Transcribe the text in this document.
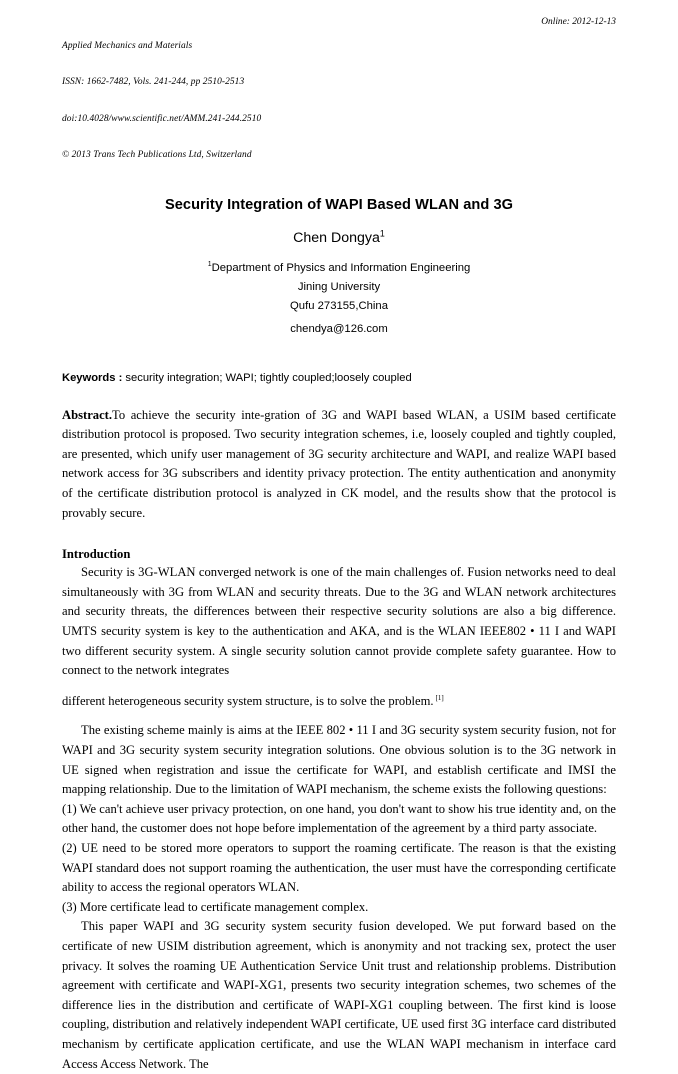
Applied Mechanics and Materials

ISSN: 1662-7482, Vols. 241-244, pp 2510-2513

doi:10.4028/www.scientific.net/AMM.241-244.2510

© 2013 Trans Tech Publications Ltd, Switzerland

Online: 2012-12-13
Security Integration of WAPI Based WLAN and 3G
Chen Dongya$^1$
$^1$Department of Physics and Information Engineering
Jining University
Qufu 273155,China
chendya@126.com
Keywords : security integration; WAPI; tightly coupled;loosely coupled
Abstract.To achieve the security inte-gration of 3G and WAPI based WLAN, a USIM based certificate distribution protocol is proposed. Two security integration schemes, i.e, loosely coupled and tightly coupled, are presented, which unify user management of 3G security architecture and WAPI, and realize WAPI based network access for 3G subscribers and identity privacy protection. The entity authentication and anonymity of the certificate distribution protocol is analyzed in CK model, and the results show that the protocol is provably secure.
Introduction

Security is 3G-WLAN converged network is one of the main challenges of. Fusion networks need to deal simultaneously with 3G from WLAN and security threats. Due to the 3G and WLAN network architectures and security threats, the differences between their respective security solutions are also a big difference. UMTS security system is key to the authentication and AKA, and is the WLAN IEEE802 • 11 I and WAPI two different security system. A single security solution cannot provide complete safety guarantee. How to connect to the network integrates

different heterogeneous security system structure, is to solve the problem. [1]

The existing scheme mainly is aims at the IEEE 802 • 11 I and 3G security system security fusion, not for WAPI and 3G security system security integration solutions. One obvious solution is to the 3G network in UE signed when registration and issue the certificate for WAPI, and establish certificate and IMSI the mapping relationship. Due to the limitation of WAPI mechanism, the scheme exists the following questions:

(1) We can't achieve user privacy protection, on one hand, you don't want to show his true identity and, on the other hand, the customer does not hope before implementation of the agreement by a third party associate.

(2) UE need to be stored more operators to support the roaming certificate. The reason is that the existing WAPI standard does not support roaming the authentication, the user must have the corresponding certificate ability to access the regional operators WLAN.

(3) More certificate lead to certificate management complex.

This paper WAPI and 3G security system security fusion developed. We put forward based on the certificate of new USIM distribution agreement, which is anonymity and not tracking sex, protect the user privacy. It solves the roaming UE Authentication Service Unit trust and relationship problems. Distribution agreement with certificate and WAPI-XG1, presents two security integration schemes, two schemes of the difference lies in the distribution and certificate of WAPI-XG1 coupling between. The first kind is loose coupling, distribution and relatively independent WAPI certificate, UE used first 3G interface card distributed mechanism by certificate application certificate, and use the WLAN WAPI mechanism in interface card Access Access Network. The
